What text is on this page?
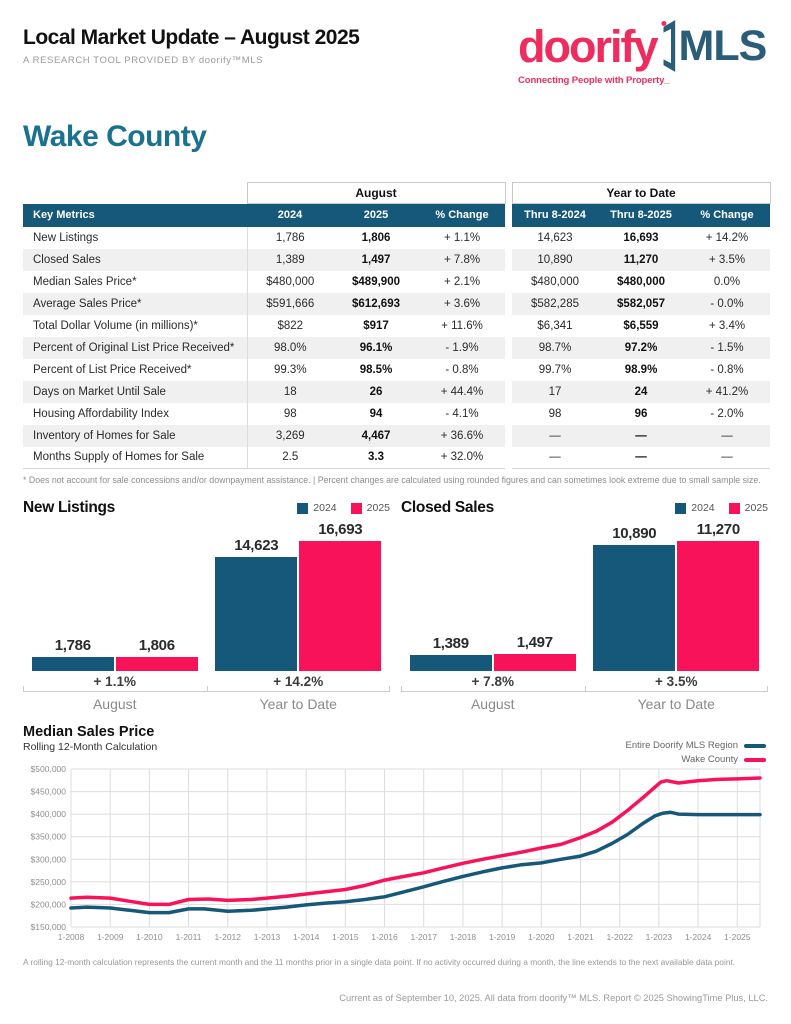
Local Market Update – August 2025
A RESEARCH TOOL PROVIDED BY doorify™MLS	doorify MLS
Connecting People with Property_
Wake County
	August				Year to Date		
Key Metrics	2024	2025	% Change		Thru 8-2024	Thru 8-2025	% Change
New Listings	1,786	1,806	+ 1.1%		14,623	16,693	+ 14.2%
Closed Sales	1,389	1,497	+ 7.8%		10,890	11,270	+ 3.5%
Median Sales Price*	$480,000	$489,900	+ 2.1%		$480,000	$480,000	0.0%
Average Sales Price*	$591,666	$612,693	+ 3.6%		$582,285	$582,057	- 0.0%
Total Dollar Volume (in millions)*	$822	$917	+ 11.6%		$6,341	$6,559	+ 3.4%
Percent of Original List Price Received*	98.0%	96.1%	- 1.9%		98.7%	97.2%	- 1.5%
Percent of List Price Received*	99.3%	98.5%	- 0.8%		99.7%	98.9%	- 0.8%
Days on Market Until Sale	18	26	+ 44.4%		17	24	+ 41.2%
Housing Affordability Index	98	94	- 4.1%		98	96	- 2.0%
Inventory of Homes for Sale	3,269	4,467	+ 36.6%		—	—	—
Months Supply of Homes for Sale	2.5	3.3	+ 32.0%		—	—	—
* Does not account for sale concessions and/or downpayment assistance. | Percent changes are calculated using rounded figures and can sometimes look extreme due to small sample size.
New Listings	2024	2025
1,786	1,806
14,623
16,693
+ 1.1%	+ 14.2%
August	Year to Date
Closed Sales	2024	2025
1,389	1,497
10,890	11,270
+ 7.8%	+ 3.5%
August	Year to Date
Median Sales Price
Rolling 12-Month Calculation	Entire Doorify MLS Region
Wake County
$500,000
$450,000
$400,000
$350,000
$300,000
$250,000
$200,000
$150,000
1-2008 1-2009 1-2010 1-2011 1-2012 1-2013 1-2014 1-2015 1-2016 1-2017 1-2018 1-2019 1-2020 1-2021 1-2022 1-2023 1-2024 1-2025
A rolling 12-month calculation represents the current month and the 11 months prior in a single data point. If no activity occurred during a month, the line extends to the next available data point.
Current as of September 10, 2025. All data from doorify™ MLS. Report © 2025 ShowingTime Plus, LLC.
